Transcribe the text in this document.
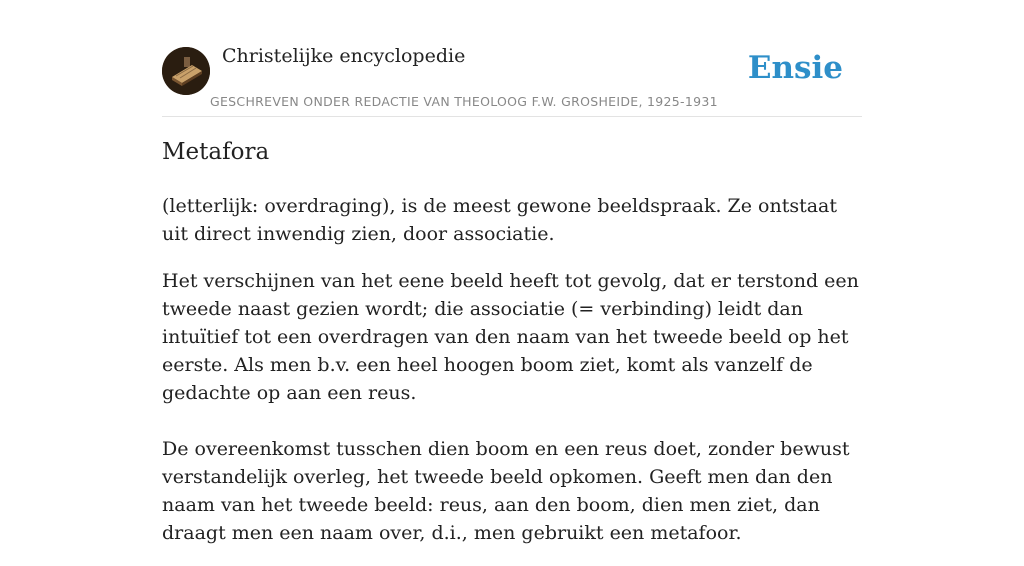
Christelijke encyclopedie
GESCHREVEN ONDER REDACTIE VAN THEOLOOG F.W. GROSHEIDE, 1925-1931
Ensie
Metafora

(letterlijk: overdraging), is de meest gewone beeldspraak. Ze ontstaat uit direct inwendig zien, door associatie.

Het verschijnen van het eene beeld heeft tot gevolg, dat er terstond een tweede naast gezien wordt; die associatie (= verbinding) leidt dan intuïtief tot een overdragen van den naam van het tweede beeld op het eerste. Als men b.v. een heel hoogen boom ziet, komt als vanzelf de gedachte op aan een reus.

De overeenkomst tusschen dien boom en een reus doet, zonder bewust verstandelijk overleg, het tweede beeld opkomen. Geeft men dan den naam van het tweede beeld: reus, aan den boom, dien men ziet, dan draagt men een naam over, d.i., men gebruikt een metafoor.
